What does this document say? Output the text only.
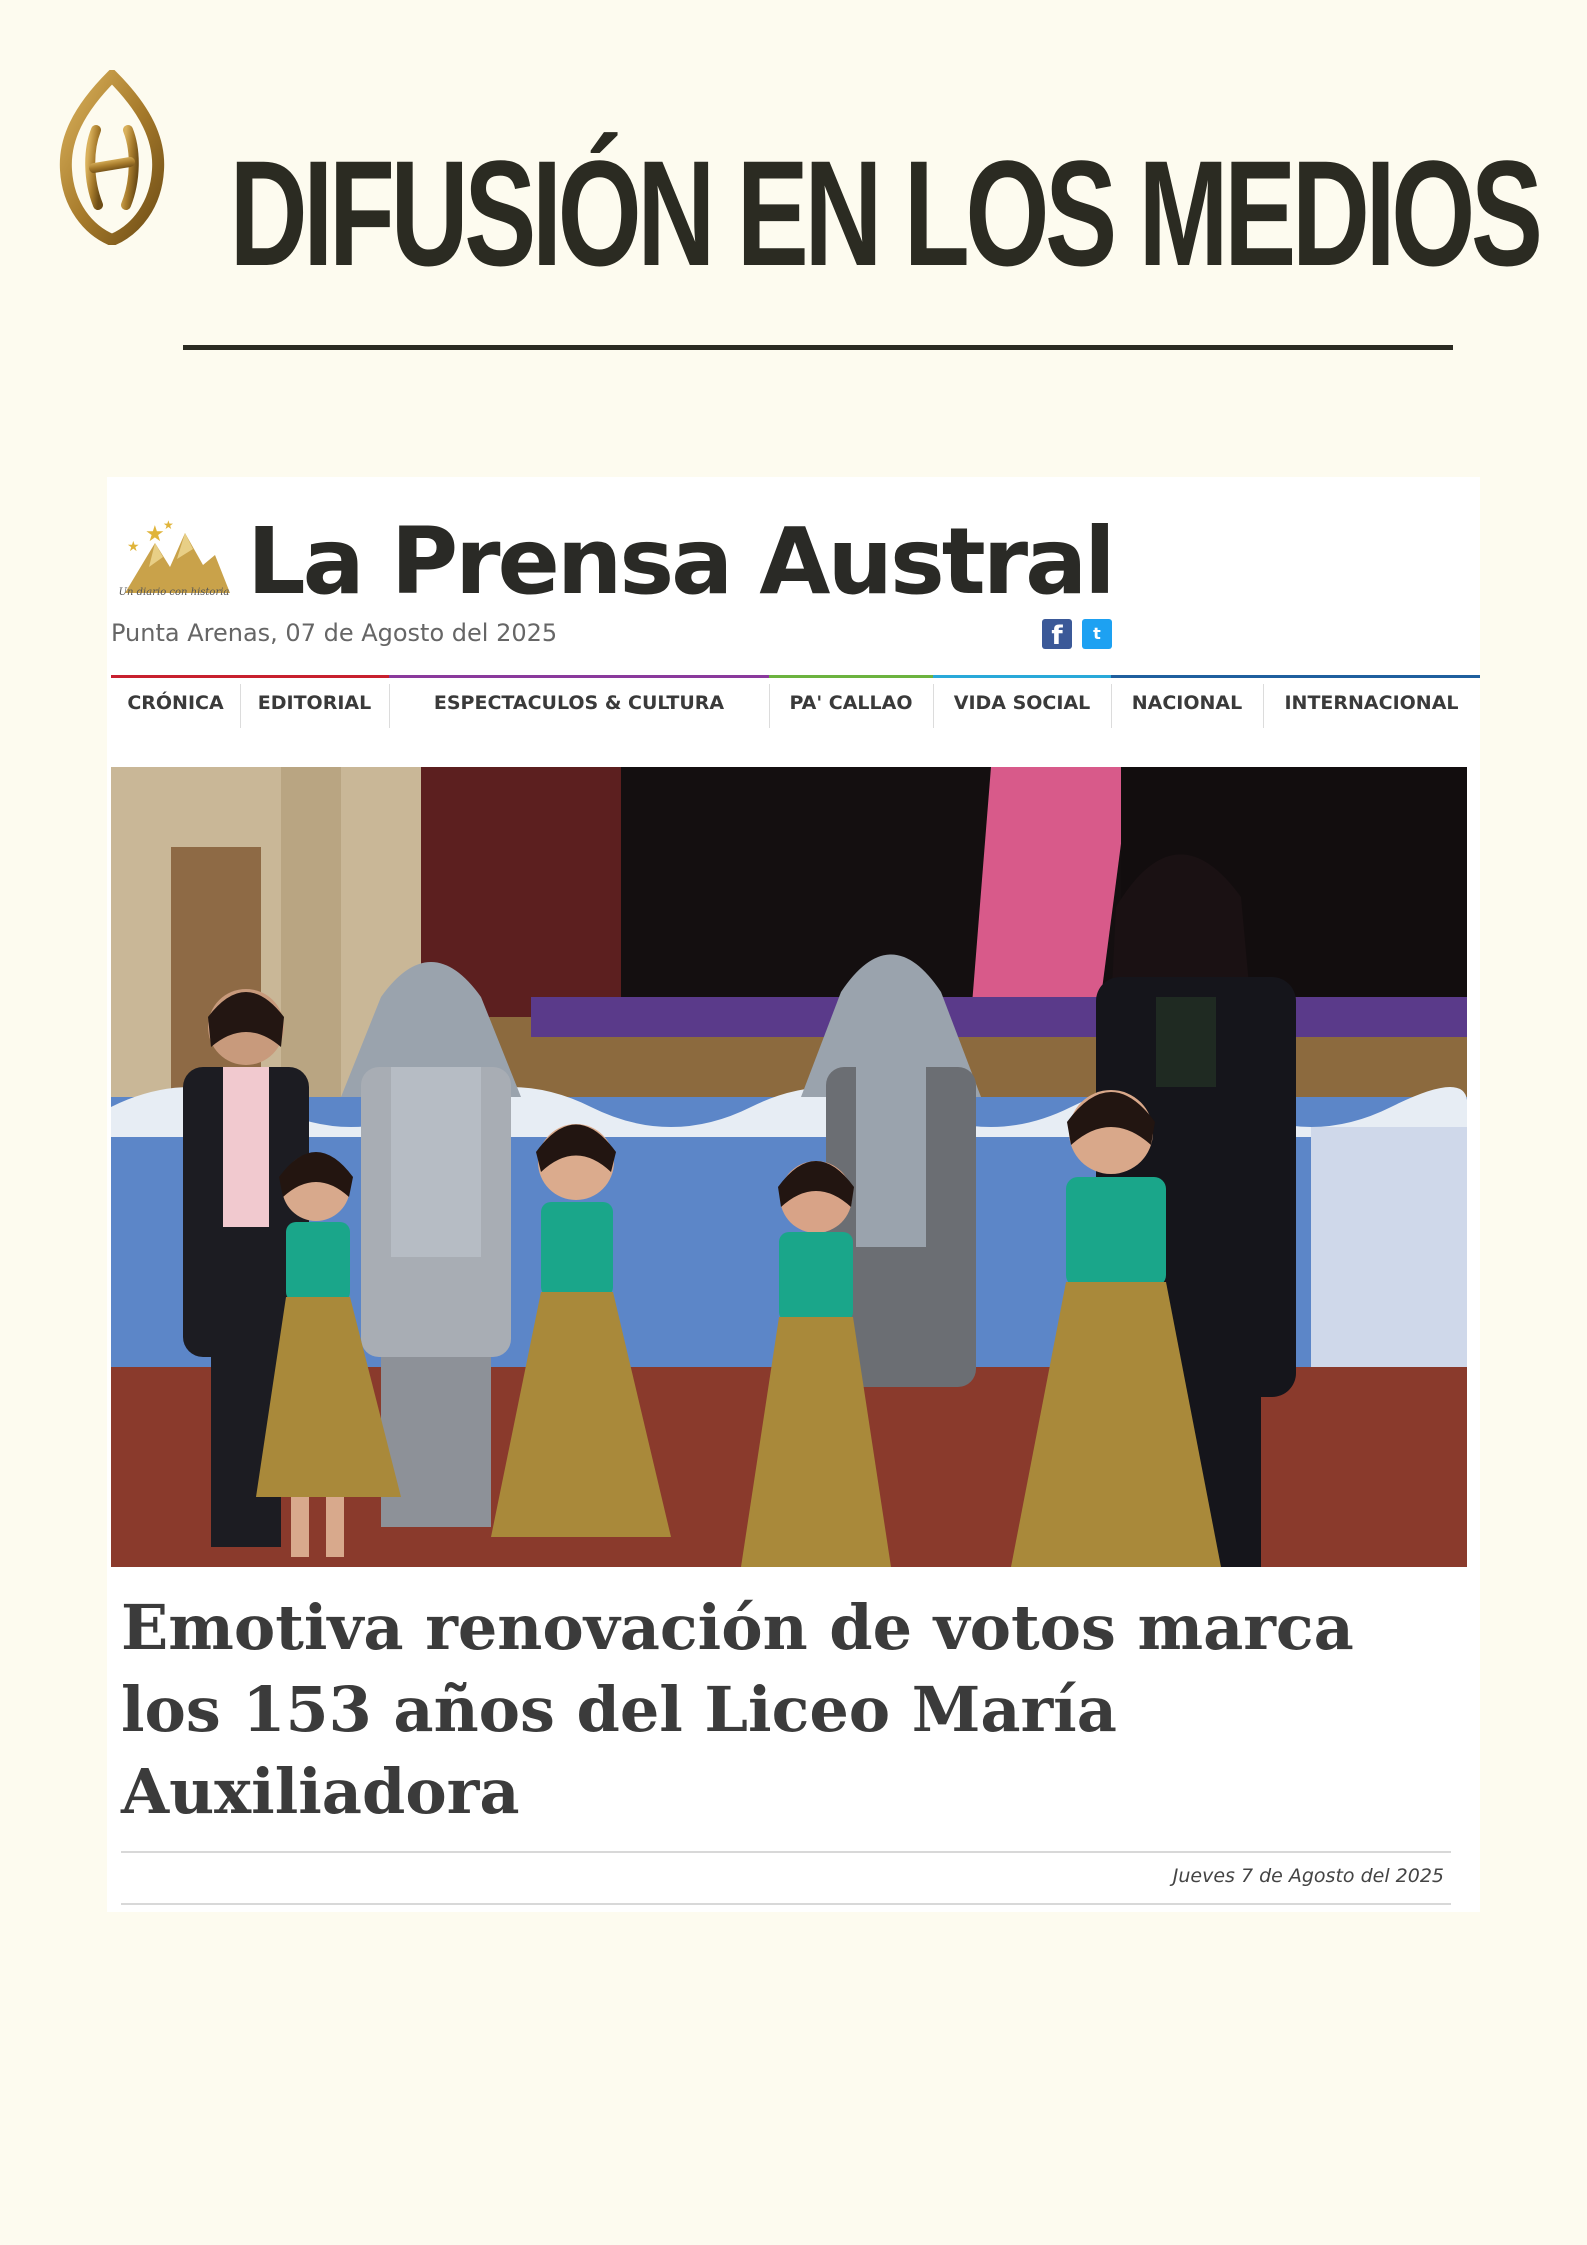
DIFUSIÓN EN LOS MEDIOS
★
★
★
Un diario con historia La Prensa Austral
Punta Arenas, 07 de Agosto del 2025	f	t
CRÓNICA	EDITORIAL	ESPECTACULOS & CULTURA	PA' CALLAO	VIDA SOCIAL	NACIONAL	INTERNACIONAL
Emotiva renovación de votos marca los 153 años del Liceo María Auxiliadora
Jueves 7 de Agosto del 2025
